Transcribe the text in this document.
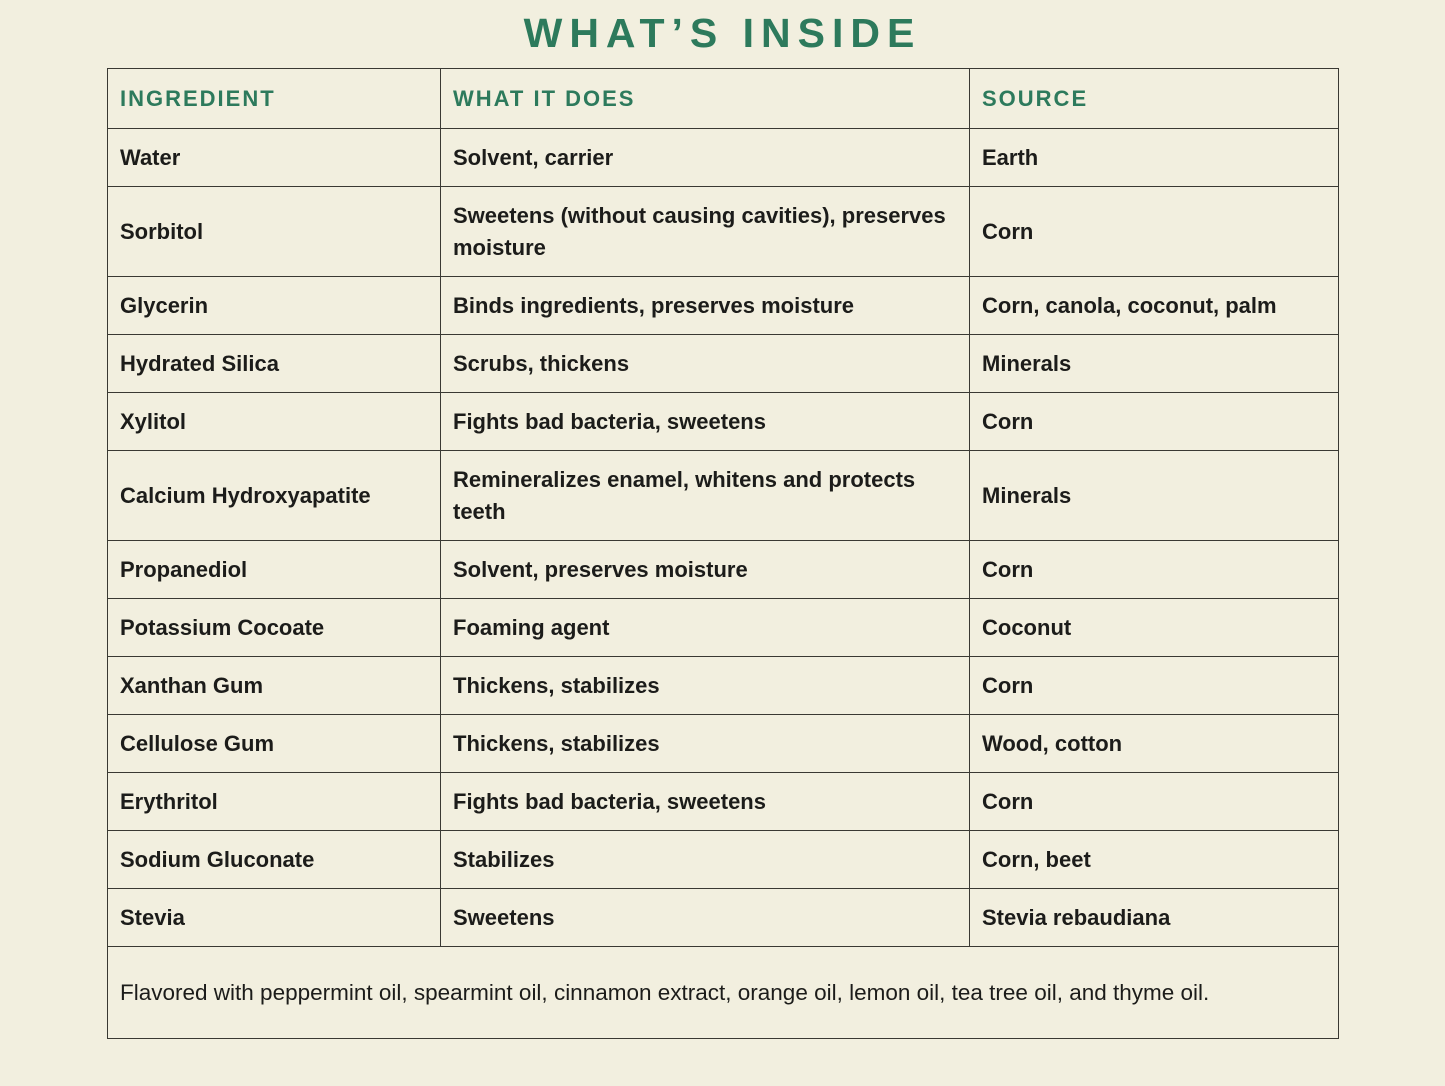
WHAT’S INSIDE
INGREDIENT	WHAT IT DOES	SOURCE
Water	Solvent, carrier	Earth
Sorbitol	Sweetens (without causing cavities), preserves moisture	Corn
Glycerin	Binds ingredients, preserves moisture	Corn, canola, coconut, palm
Hydrated Silica	Scrubs, thickens	Minerals
Xylitol	Fights bad bacteria, sweetens	Corn
Calcium Hydroxyapatite	Remineralizes enamel, whitens and protects teeth	Minerals
Propanediol	Solvent, preserves moisture	Corn
Potassium Cocoate	Foaming agent	Coconut
Xanthan Gum	Thickens, stabilizes	Corn
Cellulose Gum	Thickens, stabilizes	Wood, cotton
Erythritol	Fights bad bacteria, sweetens	Corn
Sodium Gluconate	Stabilizes	Corn, beet
Stevia	Sweetens	Stevia rebaudiana
Flavored with peppermint oil, spearmint oil, cinnamon extract, orange oil, lemon oil, tea tree oil, and thyme oil.		
